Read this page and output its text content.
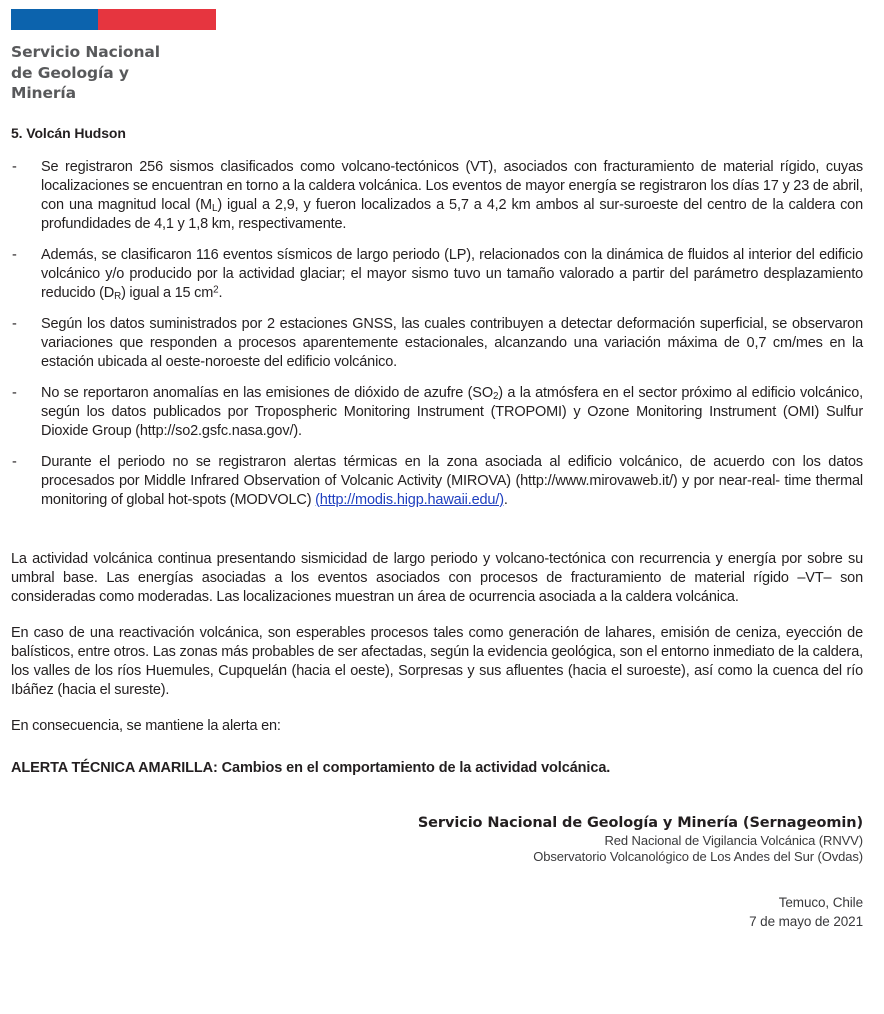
Servicio Nacional
de Geología y
Minería
5. Volcán Hudson
-	Se registraron 256 sismos clasificados como volcano-tectónicos (VT), asociados con fracturamiento de material rígido, cuyas localizaciones se encuentran en torno a la caldera volcánica. Los eventos de mayor energía se registraron los días 17 y 23 de abril, con una magnitud local $(M_L)$ igual a 2,9, y fueron localizados a 5,7 a 4,2 km ambos al sur-suroeste del centro de la caldera con profundidades de 4,1 y 1,8 km, respectivamente.
-	Además, se clasificaron 116 eventos sísmicos de largo periodo (LP), relacionados con la dinámica de fluidos al interior del edificio volcánico y/o producido por la actividad glaciar; el mayor sismo tuvo un tamaño valorado a partir del parámetro desplazamiento reducido $(D_R)$ igual a 15 $cm^2$.
-	Según los datos suministrados por 2 estaciones GNSS, las cuales contribuyen a detectar deformación superficial, se observaron variaciones que responden a procesos aparentemente estacionales, alcanzando una variación máxima de 0,7 cm/mes en la estación ubicada al oeste-noroeste del edificio volcánico.
-	No se reportaron anomalías en las emisiones de dióxido de azufre $(SO_2)$ a la atmósfera en el sector próximo al edificio volcánico, según los datos publicados por Tropospheric Monitoring Instrument (TROPOMI) y Ozone Monitoring Instrument (OMI) Sulfur Dioxide Group (http://so2.gsfc.nasa.gov/).
-	Durante el periodo no se registraron alertas térmicas en la zona asociada al edificio volcánico, de acuerdo con los datos procesados por Middle Infrared Observation of Volcanic Activity (MIROVA) (http://www.mirovaweb.it/) y por near-real- time thermal monitoring of global hot-spots (MODVOLC) (http://modis.higp.hawaii.edu/).
La actividad volcánica continua presentando sismicidad de largo periodo y volcano-tectónica con recurrencia y energía por sobre su umbral base. Las energías asociadas a los eventos asociados con procesos de fracturamiento de material rígido –VT– son consideradas como moderadas. Las localizaciones muestran un área de ocurrencia asociada a la caldera volcánica.
En caso de una reactivación volcánica, son esperables procesos tales como generación de lahares, emisión de ceniza, eyección de balísticos, entre otros. Las zonas más probables de ser afectadas, según la evidencia geológica, son el entorno inmediato de la caldera, los valles de los ríos Huemules, Cupquelán (hacia el oeste), Sorpresas y sus afluentes (hacia el suroeste), así como la cuenca del río Ibáñez (hacia el sureste).
En consecuencia, se mantiene la alerta en:
ALERTA TÉCNICA AMARILLA: Cambios en el comportamiento de la actividad volcánica.
Servicio Nacional de Geología y Minería (Sernageomin)
Red Nacional de Vigilancia Volcánica (RNVV)
Observatorio Volcanológico de Los Andes del Sur (Ovdas)
Temuco, Chile
7 de mayo de 2021
